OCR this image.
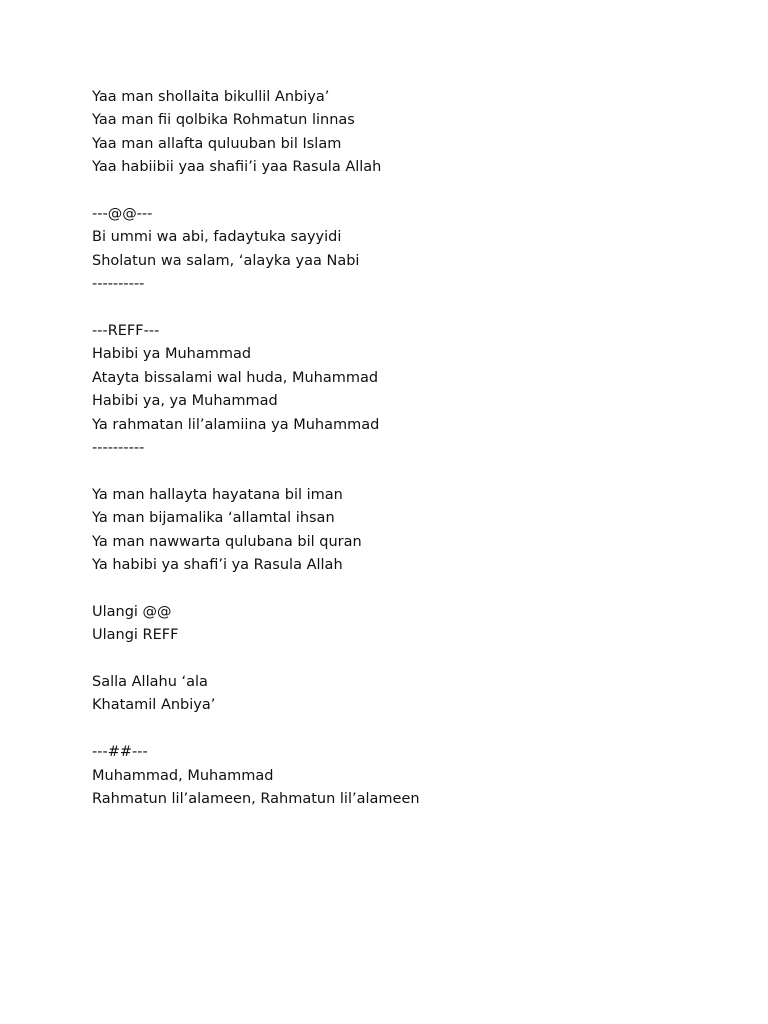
Yaa man shollaita bikullil Anbiya’
Yaa man fii qolbika Rohmatun linnas
Yaa man allafta quluuban bil Islam
Yaa habiibii yaa shafii’i yaa Rasula Allah
---@@---
Bi ummi wa abi, fadaytuka sayyidi
Sholatun wa salam, ‘alayka yaa Nabi
----------
---REFF---
Habibi ya Muhammad
Atayta bissalami wal huda, Muhammad
Habibi ya, ya Muhammad
Ya rahmatan lil’alamiina ya Muhammad
----------
Ya man hallayta hayatana bil iman
Ya man bijamalika ‘allamtal ihsan
Ya man nawwarta qulubana bil quran
Ya habibi ya shafi’i ya Rasula Allah
Ulangi @@
Ulangi REFF
Salla Allahu ‘ala
Khatamil Anbiya’
---##---
Muhammad, Muhammad
Rahmatun lil’alameen, Rahmatun lil’alameen
